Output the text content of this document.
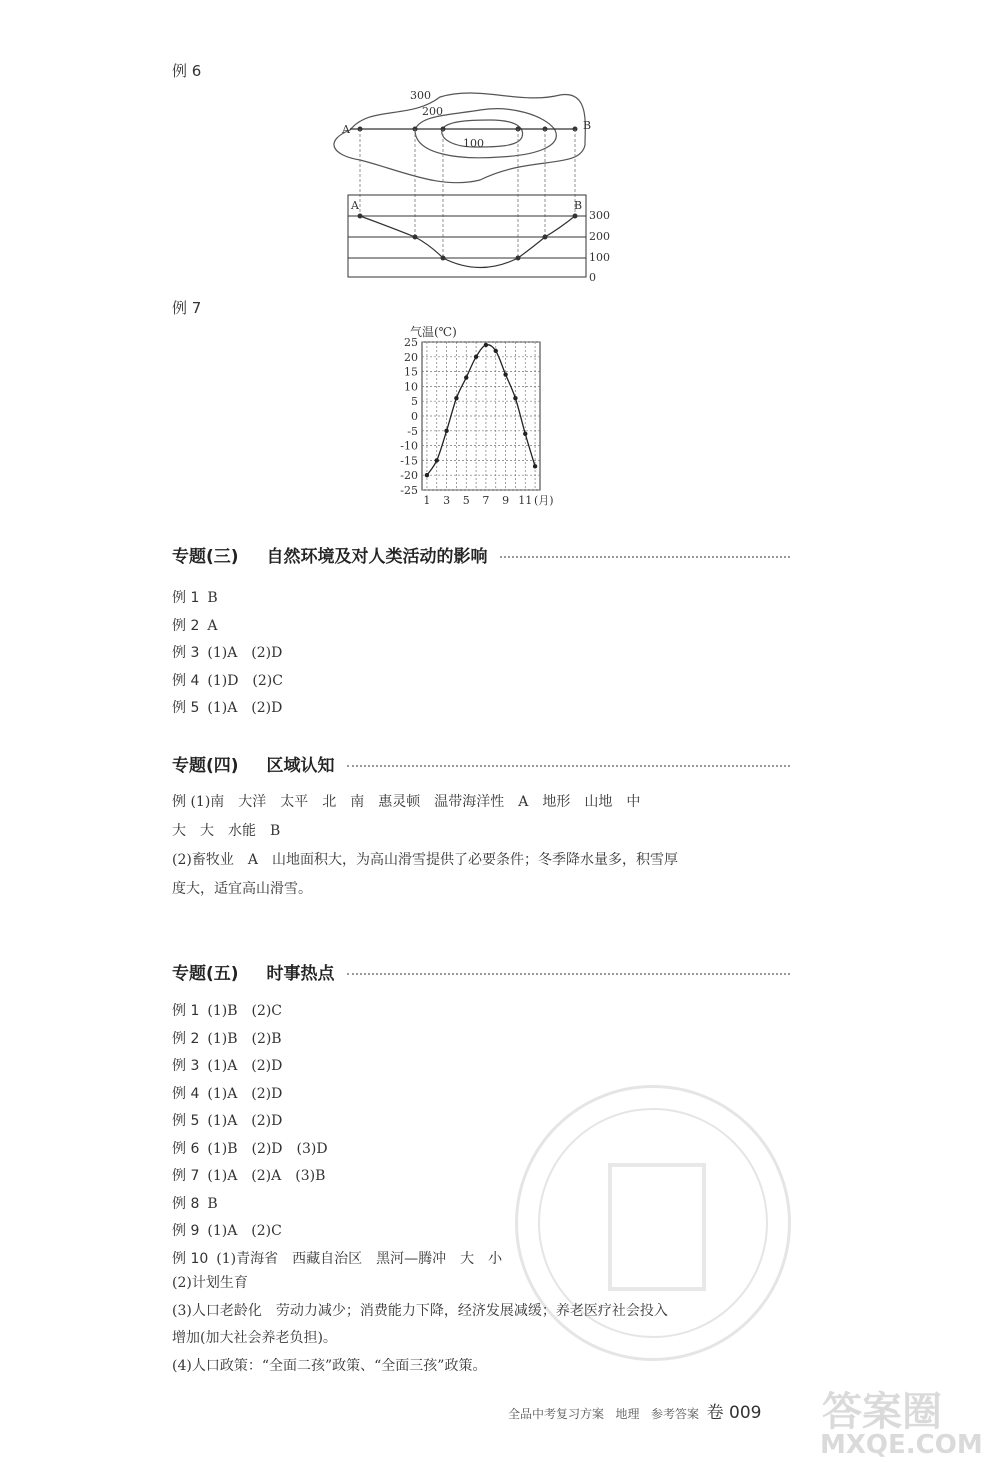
例 6
300
200
100
A	B
A	B
300
200
100
0
例 7
气温(℃)
25
20
15
10
5
0
-5
-10
-15
-20
-25
1 3 5 7 9 11 (月)
专题(三) 自然环境及对人类活动的影响
例 1 B
例 2 A
例 3 (1)A　(2)D
例 4 (1)D　(2)C
例 5 (1)A　(2)D
专题(四) 区域认知
例 (1)南　大洋　太平　北　南　惠灵顿　温带海洋性　A　地形　山地　中
大　大　水能　B
(2)畜牧业　A　山地面积大，为高山滑雪提供了必要条件；冬季降水量多，积雪厚
度大，适宜高山滑雪。
专题(五) 时事热点
例 1 (1)B　(2)C
例 2 (1)B　(2)B
例 3 (1)A　(2)D
例 4 (1)A　(2)D
例 5 (1)A　(2)D
例 6 (1)B　(2)D　(3)D
例 7 (1)A　(2)A　(3)B
例 8 B
例 9 (1)A　(2)C
例 10 (1)青海省　西藏自治区　黑河—腾冲　大　小
(2)计划生育
(3)人口老龄化　劳动力减少；消费能力下降，经济发展减缓；养老医疗社会投入
增加(加大社会养老负担)。
(4)人口政策：“全面二孩”政策、“全面三孩”政策。
全品中考复习方案 地理 参考答案 卷 009 答案圈
MXQE.COM
